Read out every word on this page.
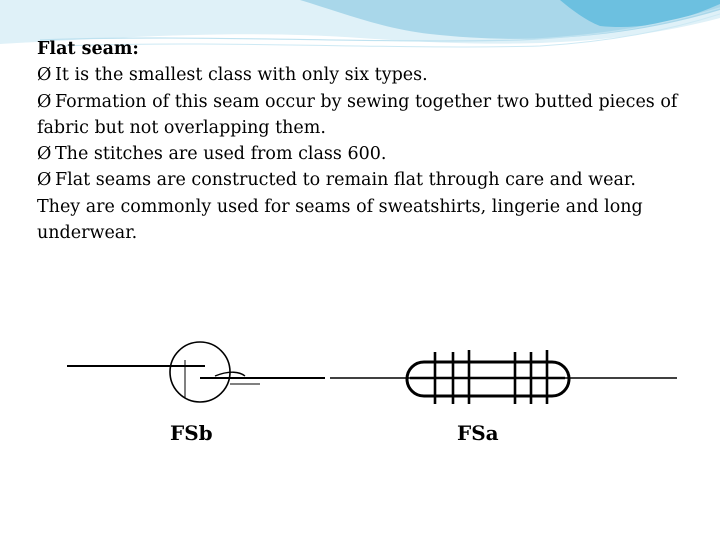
Flat seam:
Ø It is the smallest class with only six types.
Ø Formation of this seam occur by sewing together two butted pieces of fabric but not overlapping them.
Ø The stitches are used from class 600.
Ø Flat seams are constructed to remain flat through care and wear.
They are commonly used for seams of sweatshirts, lingerie and long underwear.
FSb	FSa
